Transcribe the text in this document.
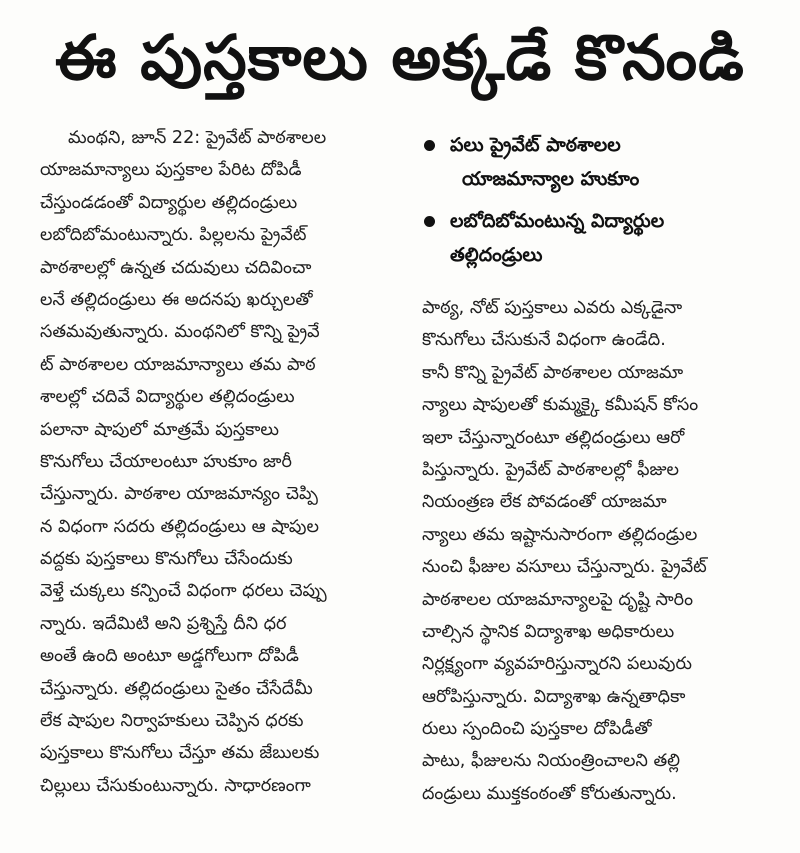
ఈ పుస్తకాలు అక్కడే కొనండి
మంథని, జూన్ 22: ప్రైవేట్ పాఠశాలల
యాజమాన్యాలు పుస్తకాల పేరిట దోపిడీ
చేస్తుండడంతో విద్యార్థుల తల్లిదండ్రులు
లబోదిబోమంటున్నారు. పిల్లలను ప్రైవేట్
పాఠశాలల్లో ఉన్నత చదువులు చదివించా
లనే తల్లిదండ్రులు ఈ అదనపు ఖర్చులతో
సతమవుతున్నారు. మంథనిలో కొన్ని ప్రైవే
ట్ పాఠశాలల యాజమాన్యాలు తమ పాఠ
శాలల్లో చదివే విద్యార్థుల తల్లిదండ్రులు
పలానా షాపులో మాత్రమే పుస్తకాలు
కొనుగోలు చేయాలంటూ హుకూం జారీ
చేస్తున్నారు. పాఠశాల యాజమాన్యం చెప్పి
న విధంగా సదరు తల్లిదండ్రులు ఆ షాపుల
వద్దకు పుస్తకాలు కొనుగోలు చేసేందుకు
వెళ్తే చుక్కలు కన్పించే విధంగా ధరలు చెప్పు
న్నారు. ఇదేమిటి అని ప్రశ్నిస్తే దీని ధర
అంతే ఉంది అంటూ అడ్డగోలుగా దోపిడీ
చేస్తున్నారు. తల్లిదండ్రులు సైతం చేసేదేమీ
లేక షాపుల నిర్వాహకులు చెప్పిన ధరకు
పుస్తకాలు కొనుగోలు చేస్తూ తమ జేబులకు
చిల్లులు చేసుకుంటున్నారు. సాధారణంగా
పలు ప్రైవేట్ పాఠశాలల
యాజమాన్యాల హుకూం
లబోదిబోమంటున్న విద్యార్థుల
తల్లిదండ్రులు
పాఠ్య, నోట్ పుస్తకాలు ఎవరు ఎక్కడైనా
కొనుగోలు చేసుకునే విధంగా ఉండేది.
కానీ కొన్ని ప్రైవేట్ పాఠశాలల యాజమా
న్యాలు షాపులతో కుమ్మక్కై కమీషన్ కోసం
ఇలా చేస్తున్నారంటూ తల్లిదండ్రులు ఆరో
పిస్తున్నారు. ప్రైవేట్ పాఠశాలల్లో ఫీజుల
నియంత్రణ లేక పోవడంతో యాజమా
న్యాలు తమ ఇష్టానుసారంగా తల్లిదండ్రుల
నుంచి ఫీజుల వసూలు చేస్తున్నారు. ప్రైవేట్
పాఠశాలల యాజమాన్యాలపై దృష్టి సారిం
చాల్సిన స్థానిక విద్యాశాఖ అధికారులు
నిర్లక్ష్యంగా వ్యవహరిస్తున్నారని పలువురు
ఆరోపిస్తున్నారు. విద్యాశాఖ ఉన్నతాధికా
రులు స్పందించి పుస్తకాల దోపిడీతో
పాటు, ఫీజులను నియంత్రించాలని తల్లి
దండ్రులు ముక్తకంఠంతో కోరుతున్నారు.
